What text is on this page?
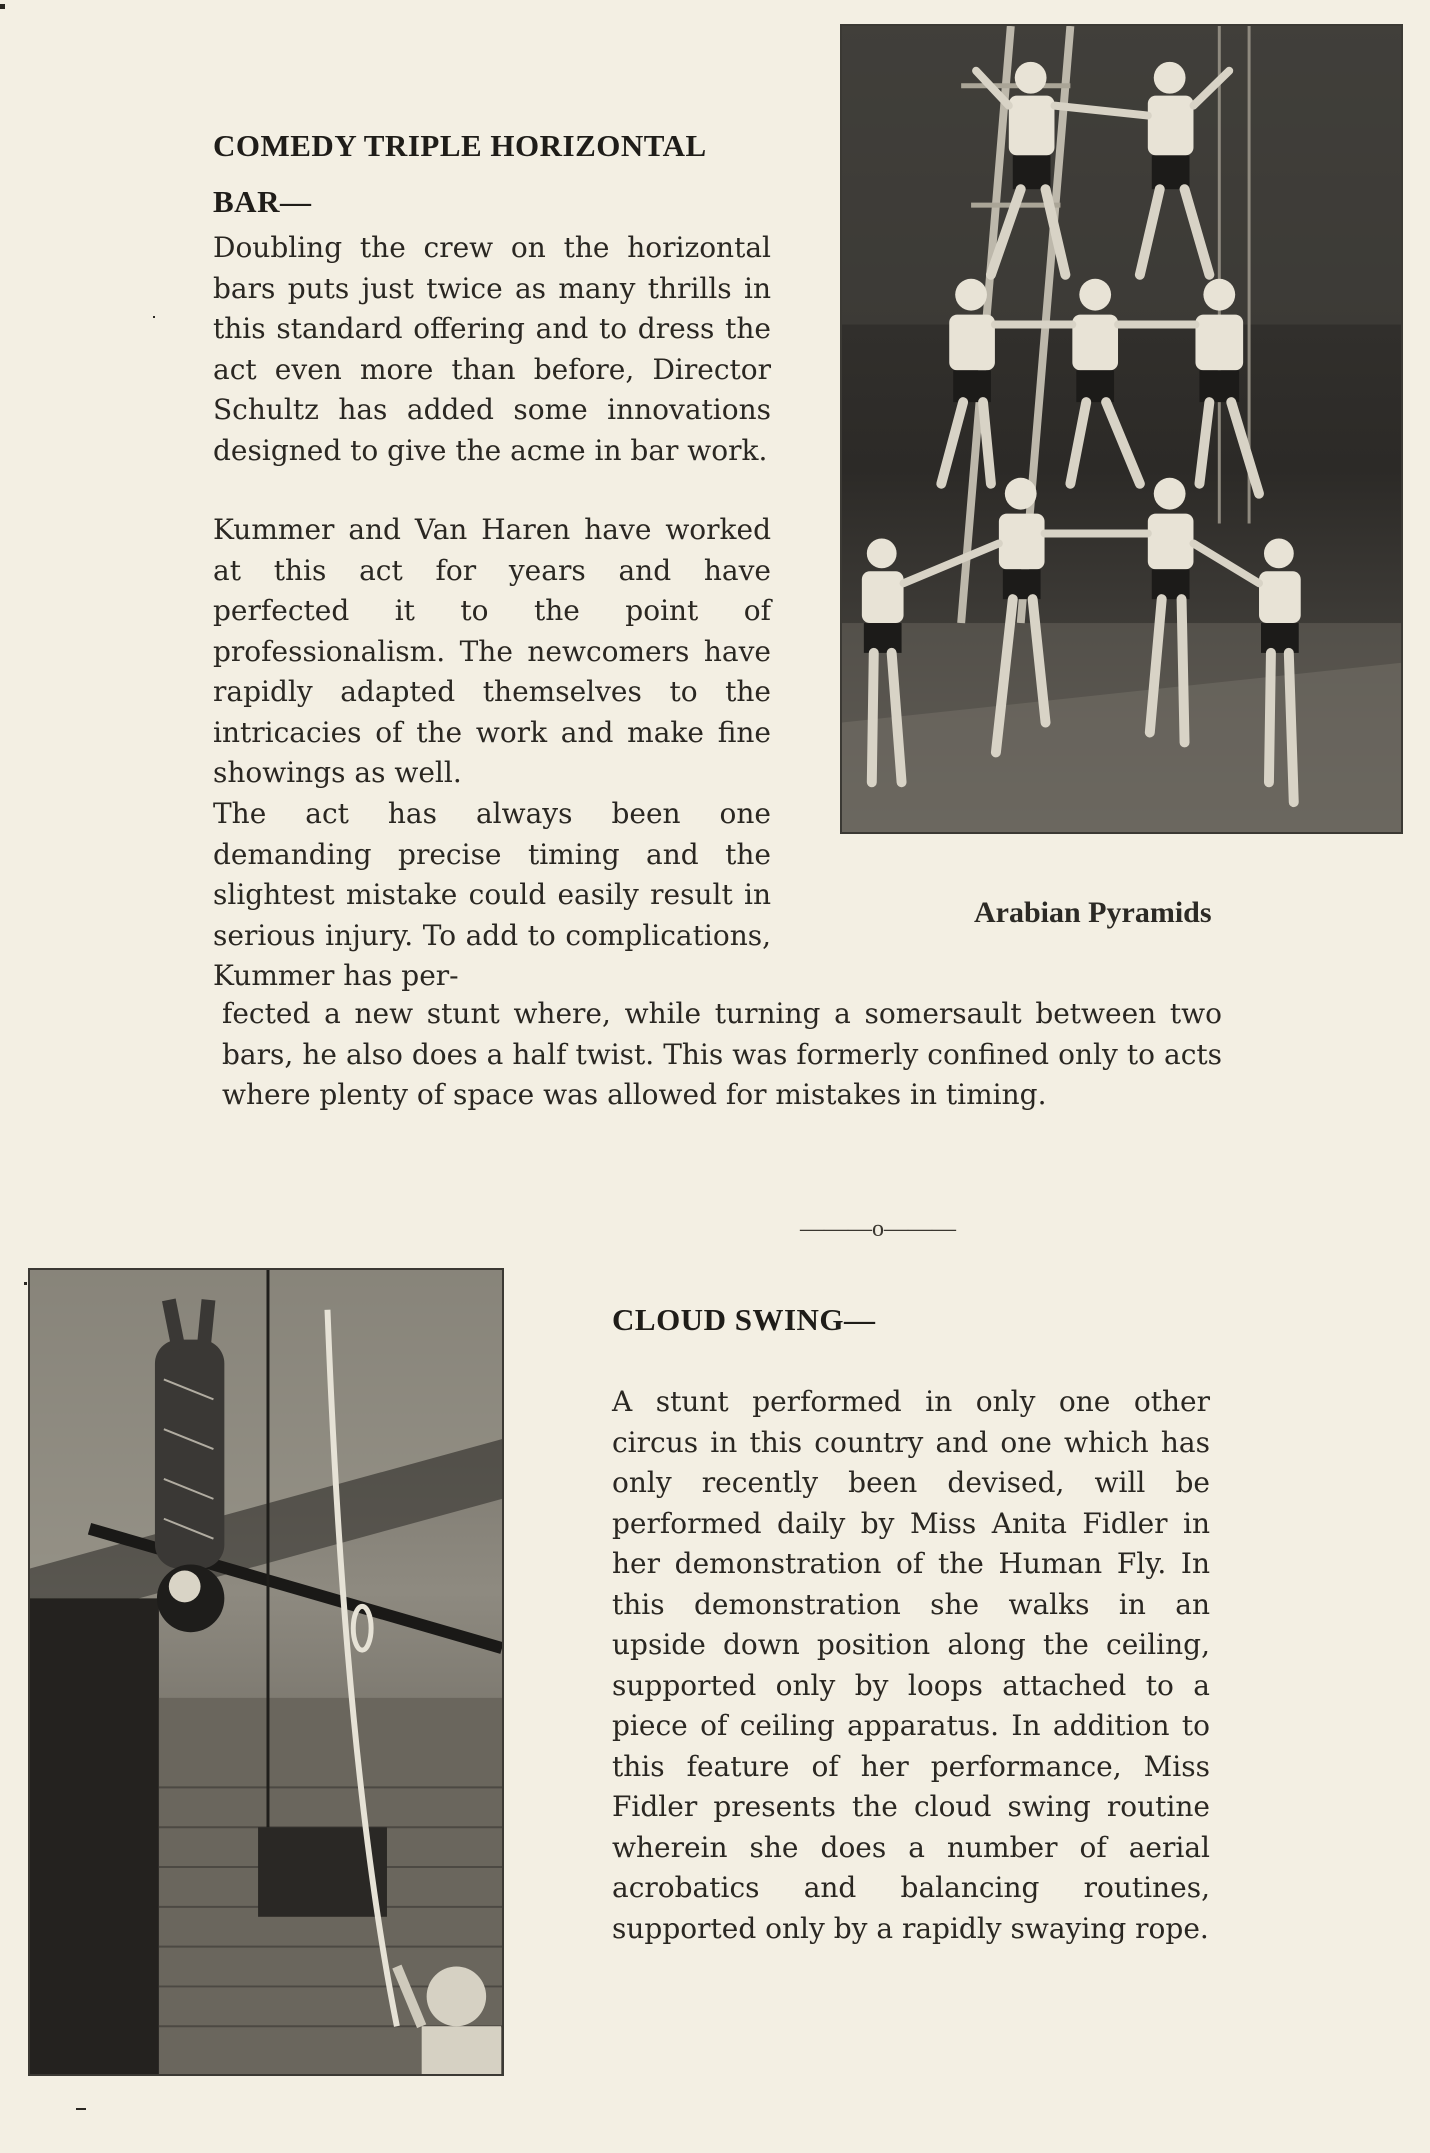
COMEDY TRIPLE HORIZONTAL
BAR—

Doubling the crew on the horizontal bars puts just twice as many thrills in this standard offering and to dress the act even more than before, Director Schultz has added some innovations designed to give the acme in bar work.

Kummer and Van Haren have worked at this act for years and have perfected it to the point of professionalism. The newcomers have rapidly adapted themselves to the intricacies of the work and make fine showings as well.

The act has always been one demanding precise timing and the slightest mistake could easily result in serious injury. To add to complications, Kummer has per-

fected a new stunt where, while turning a somersault between two bars, he also does a half twist. This was formerly confined only to acts where plenty of space was allowed for mistakes in timing.

Arabian Pyramids
———o———
CLOUD SWING—

A stunt performed in only one other circus in this country and one which has only recently been devised, will be performed daily by Miss Anita Fidler in her demonstration of the Human Fly. In this demonstration she walks in an upside down position along the ceiling, supported only by loops attached to a piece of ceiling apparatus. In addition to this feature of her performance, Miss Fidler presents the cloud swing routine wherein she does a number of aerial acrobatics and balancing routines, supported only by a rapidly swaying rope.
